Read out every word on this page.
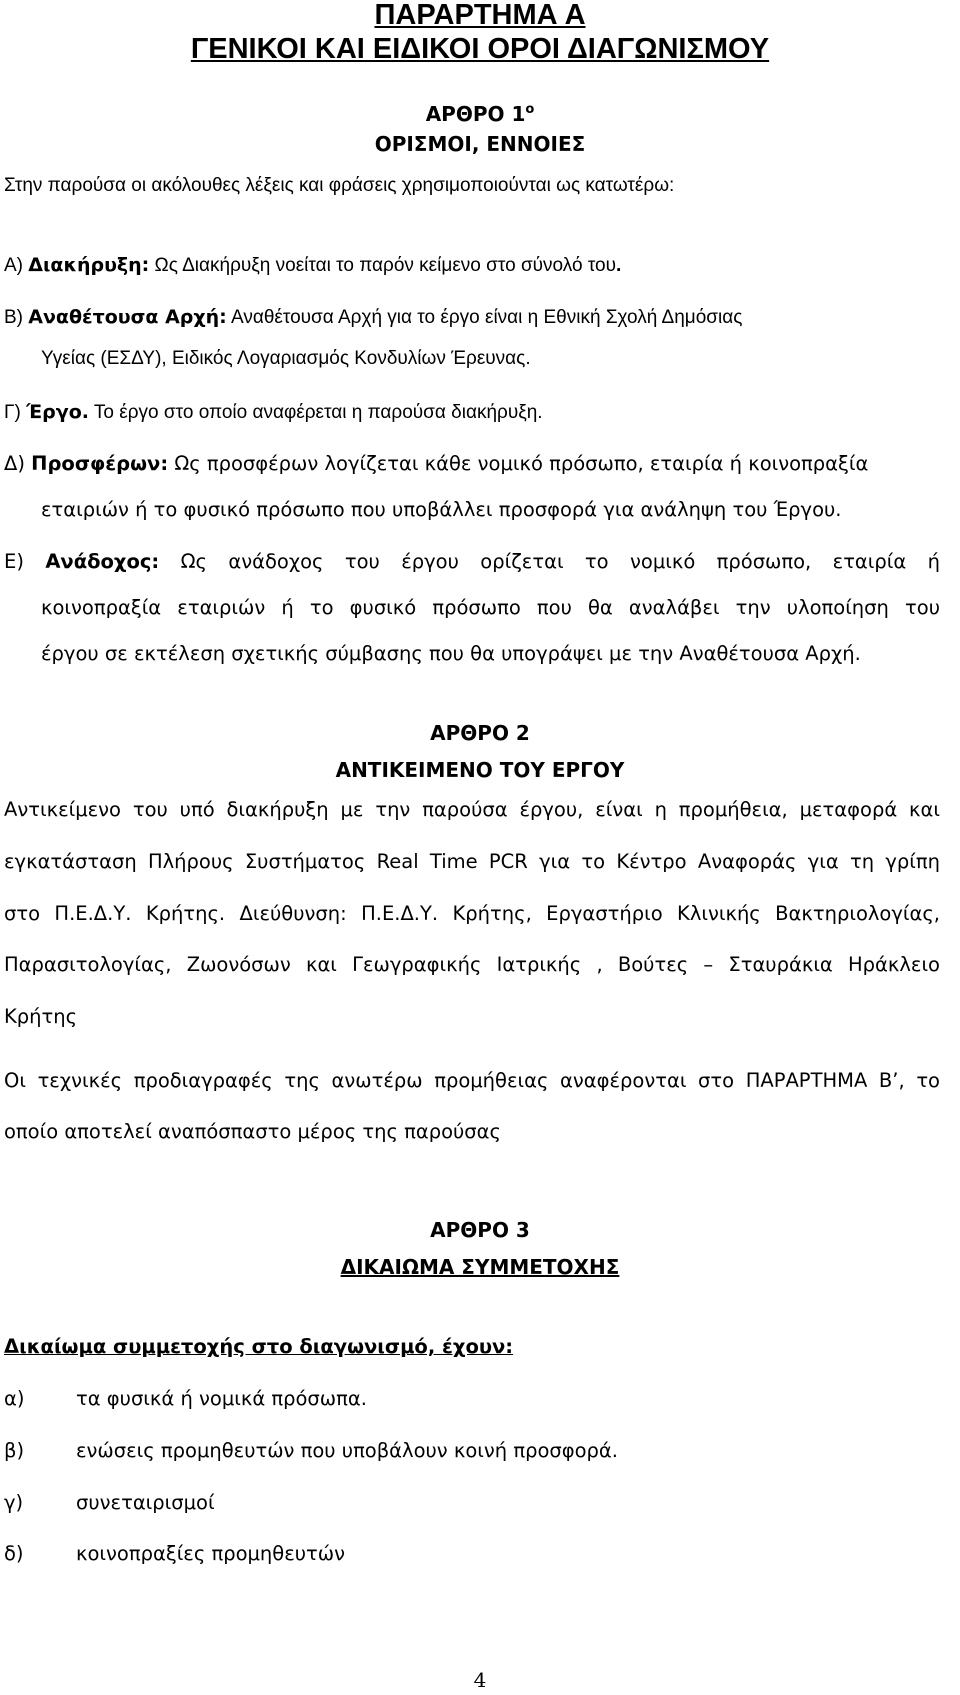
ΠΑΡΑΡΤΗΜΑ Α
ΓΕΝΙΚΟΙ ΚΑΙ ΕΙΔΙΚΟΙ ΟΡΟΙ ΔΙΑΓΩΝΙΣΜΟΥ
ΑΡΘΡΟ $1^o$
ΟΡΙΣΜΟΙ, ΕΝΝΟΙΕΣ
Στην παρούσα οι ακόλουθες λέξεις και φράσεις χρησιμοποιούνται ως κατωτέρω:
Α) Διακήρυξη: Ως Διακήρυξη νοείται το παρόν κείμενο στο σύνολό του.
Β) Αναθέτουσα Αρχή: Αναθέτουσα Αρχή για το έργο είναι η Εθνική Σχολή Δημόσιας
Υγείας (ΕΣΔΥ), Ειδικός Λογαριασμός Κονδυλίων Έρευνας.
Γ) Έργο. Το έργο στο οποίο αναφέρεται η παρούσα διακήρυξη.
Δ) Προσφέρων: Ως προσφέρων λογίζεται κάθε νομικό πρόσωπο, εταιρία ή κοινοπραξία
εταιριών ή το φυσικό πρόσωπο που υποβάλλει προσφορά για ανάληψη του Έργου.
Ε) Ανάδοχος: Ως ανάδοχος του έργου ορίζεται το νομικό πρόσωπο, εταιρία ή
κοινοπραξία εταιριών ή το φυσικό πρόσωπο που θα αναλάβει την υλοποίηση του
έργου σε εκτέλεση σχετικής σύμβασης που θα υπογράψει με την Αναθέτουσα Αρχή.
ΑΡΘΡΟ 2
ΑΝΤΙΚΕΙΜΕΝΟ ΤΟΥ ΕΡΓΟΥ
Αντικείμενο του υπό διακήρυξη με την παρούσα έργου, είναι η προμήθεια, μεταφορά και
εγκατάσταση Πλήρους Συστήματος Real Time PCR για το Κέντρο Αναφοράς για τη γρίπη
στο Π.Ε.Δ.Υ. Κρήτης. Διεύθυνση: Π.Ε.Δ.Υ. Κρήτης, Εργαστήριο Κλινικής Βακτηριολογίας,
Παρασιτολογίας, Ζωονόσων και Γεωγραφικής Ιατρικής , Βούτες – Σταυράκια Ηράκλειο
Κρήτης
Οι τεχνικές προδιαγραφές της ανωτέρω προμήθειας αναφέρονται στο ΠΑΡΑΡΤΗΜΑ Β’, το
οποίο αποτελεί αναπόσπαστο μέρος της παρούσας
ΑΡΘΡΟ 3
ΔΙΚΑΙΩΜΑ ΣΥΜΜΕΤΟΧΗΣ
Δικαίωμα συμμετοχής στο διαγωνισμό, έχουν:
α)	τα φυσικά ή νομικά πρόσωπα.
β)	ενώσεις προμηθευτών που υποβάλουν κοινή προσφορά.
γ)	συνεταιρισμοί
δ)	κοινοπραξίες προμηθευτών
4
